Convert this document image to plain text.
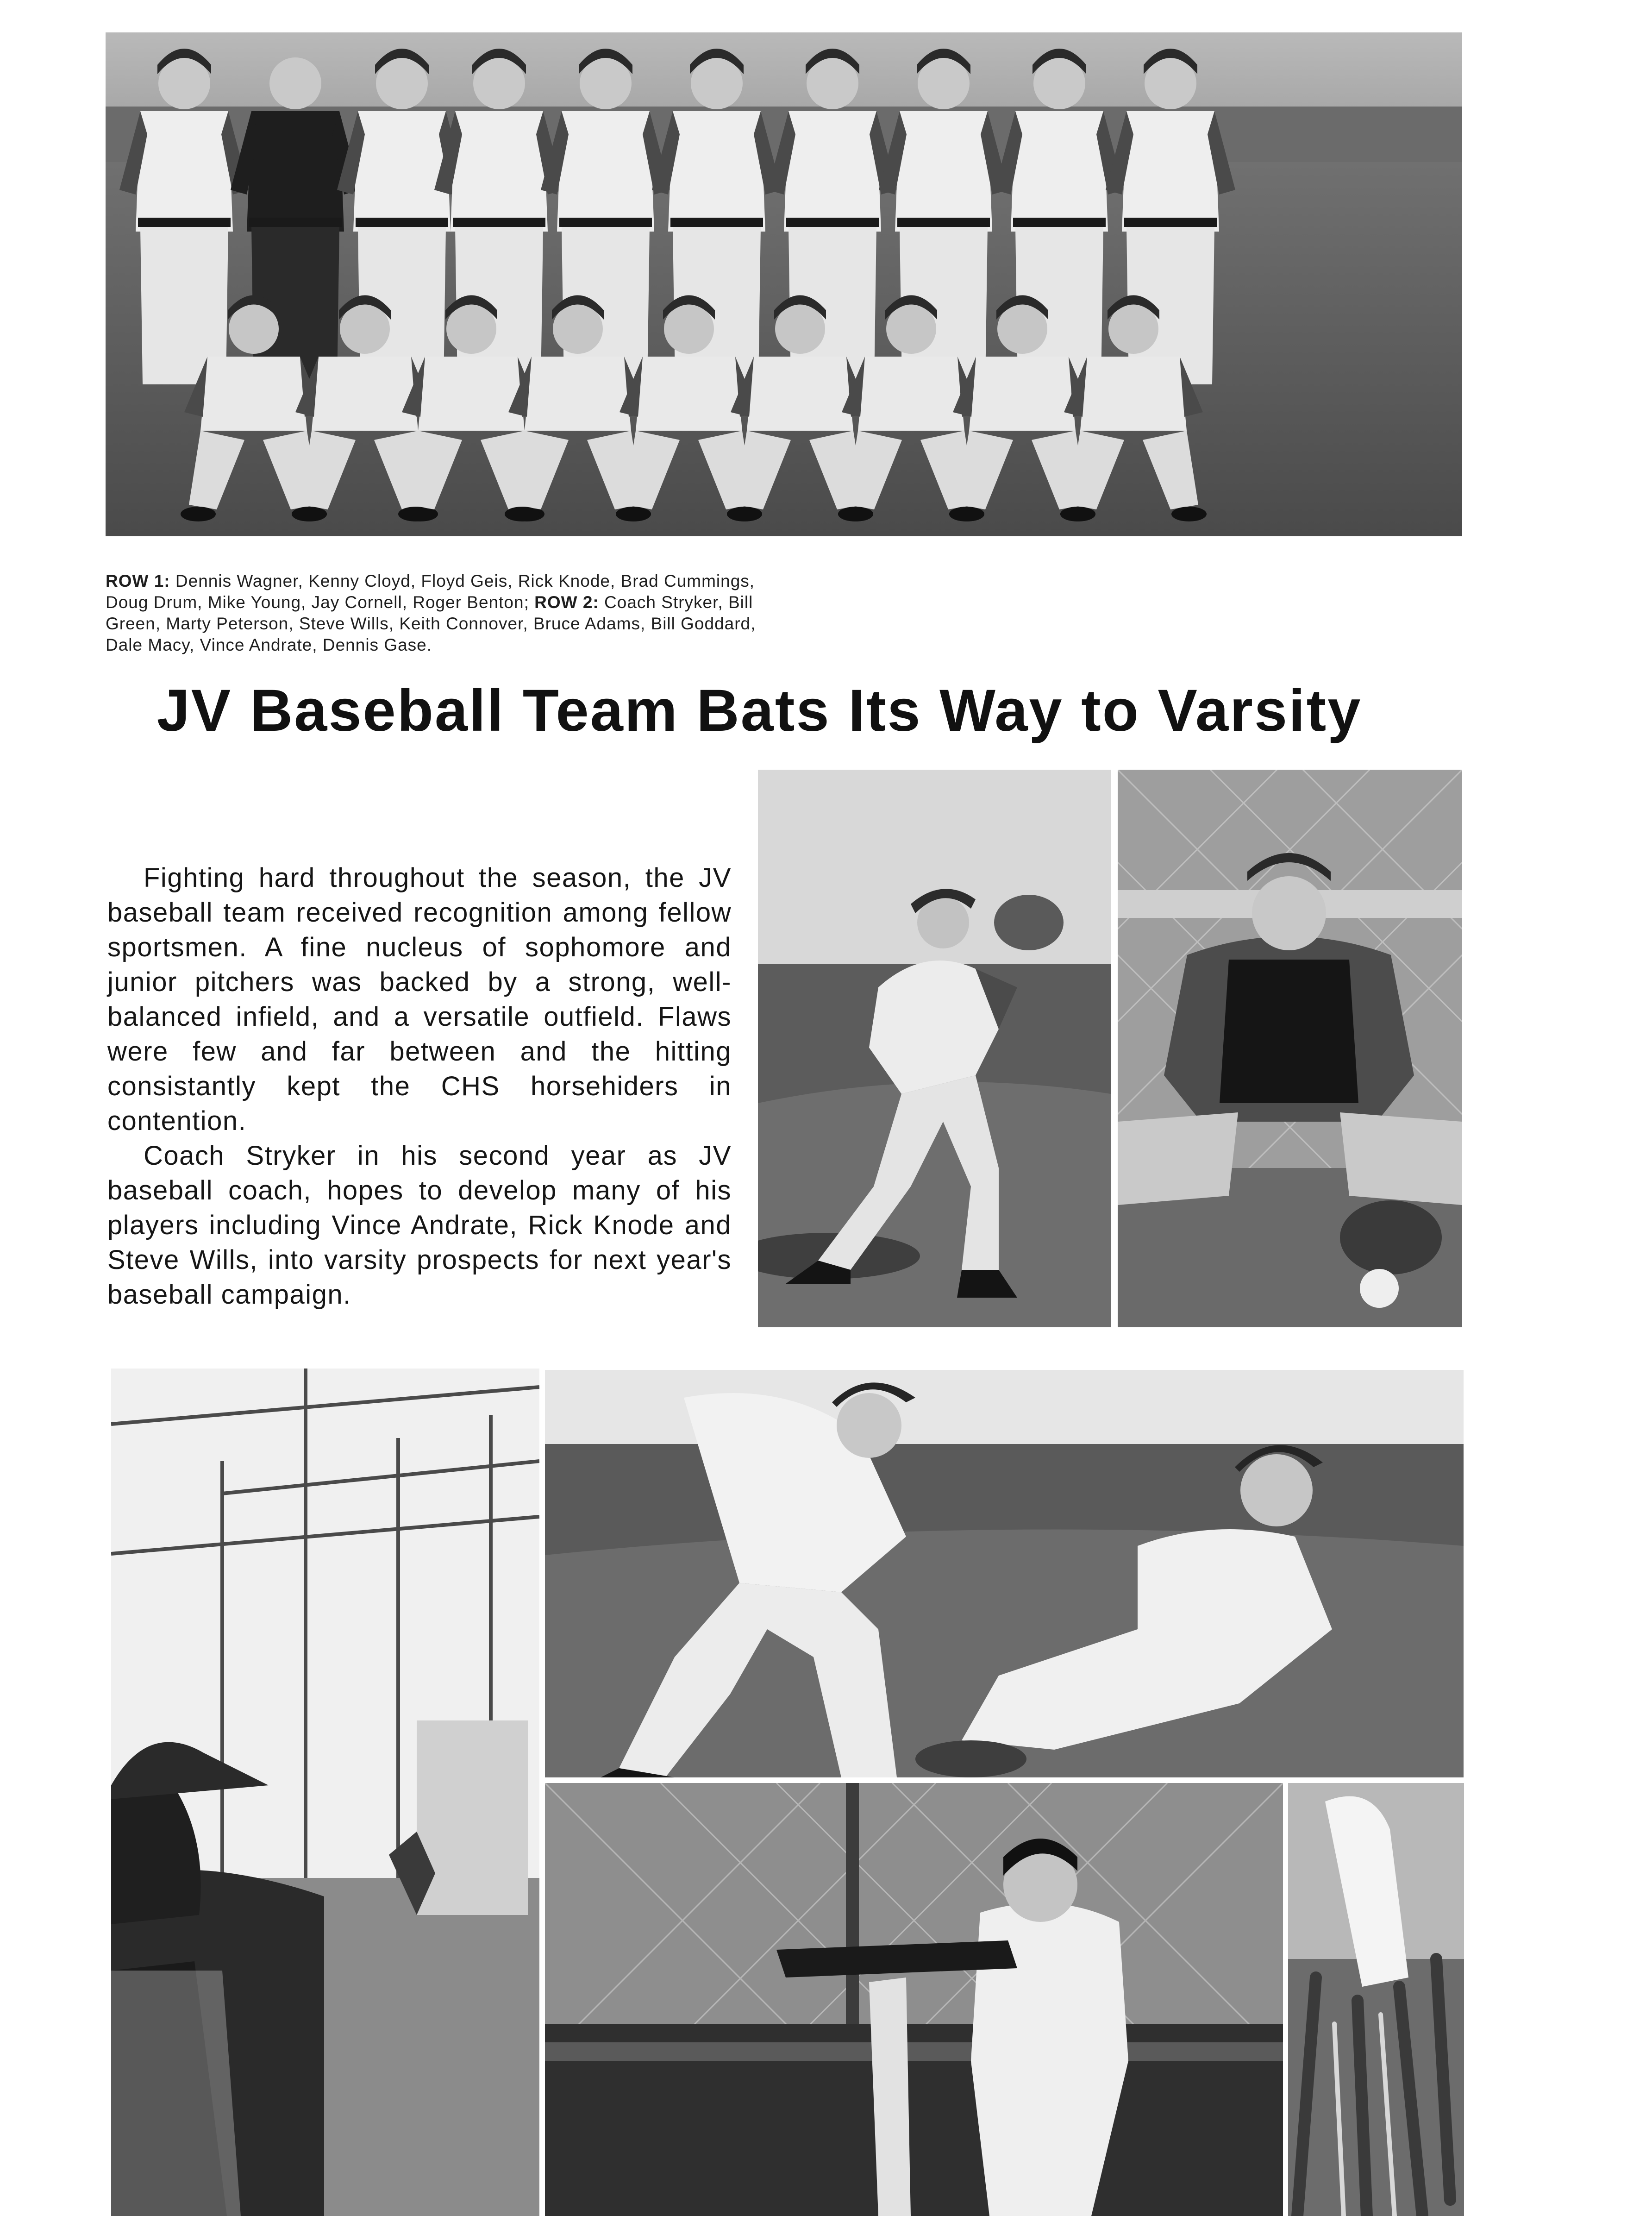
ROW 1: Dennis Wagner, Kenny Cloyd, Floyd Geis, Rick Knode, Brad Cummings, Doug Drum, Mike Young, Jay Cornell, Roger Benton; ROW 2: Coach Stryker, Bill Green, Marty Peterson, Steve Wills, Keith Connover, Bruce Adams, Bill Goddard, Dale Macy, Vince Andrate, Dennis Gase.
JV Baseball Team Bats Its Way to Varsity

Fighting hard throughout the season, the JV baseball team received recognition among fellow sportsmen. A fine nucleus of sophomore and junior pitchers was backed by a strong, well-balanced infield, and a versatile outfield. Flaws were few and far between and the hitting consistantly kept the CHS horsehiders in contention.

Coach Stryker in his second year as JV baseball coach, hopes to develop many of his players including Vince Andrate, Rick Knode and Steve Wills, into varsity prospects for next year's baseball campaign.
